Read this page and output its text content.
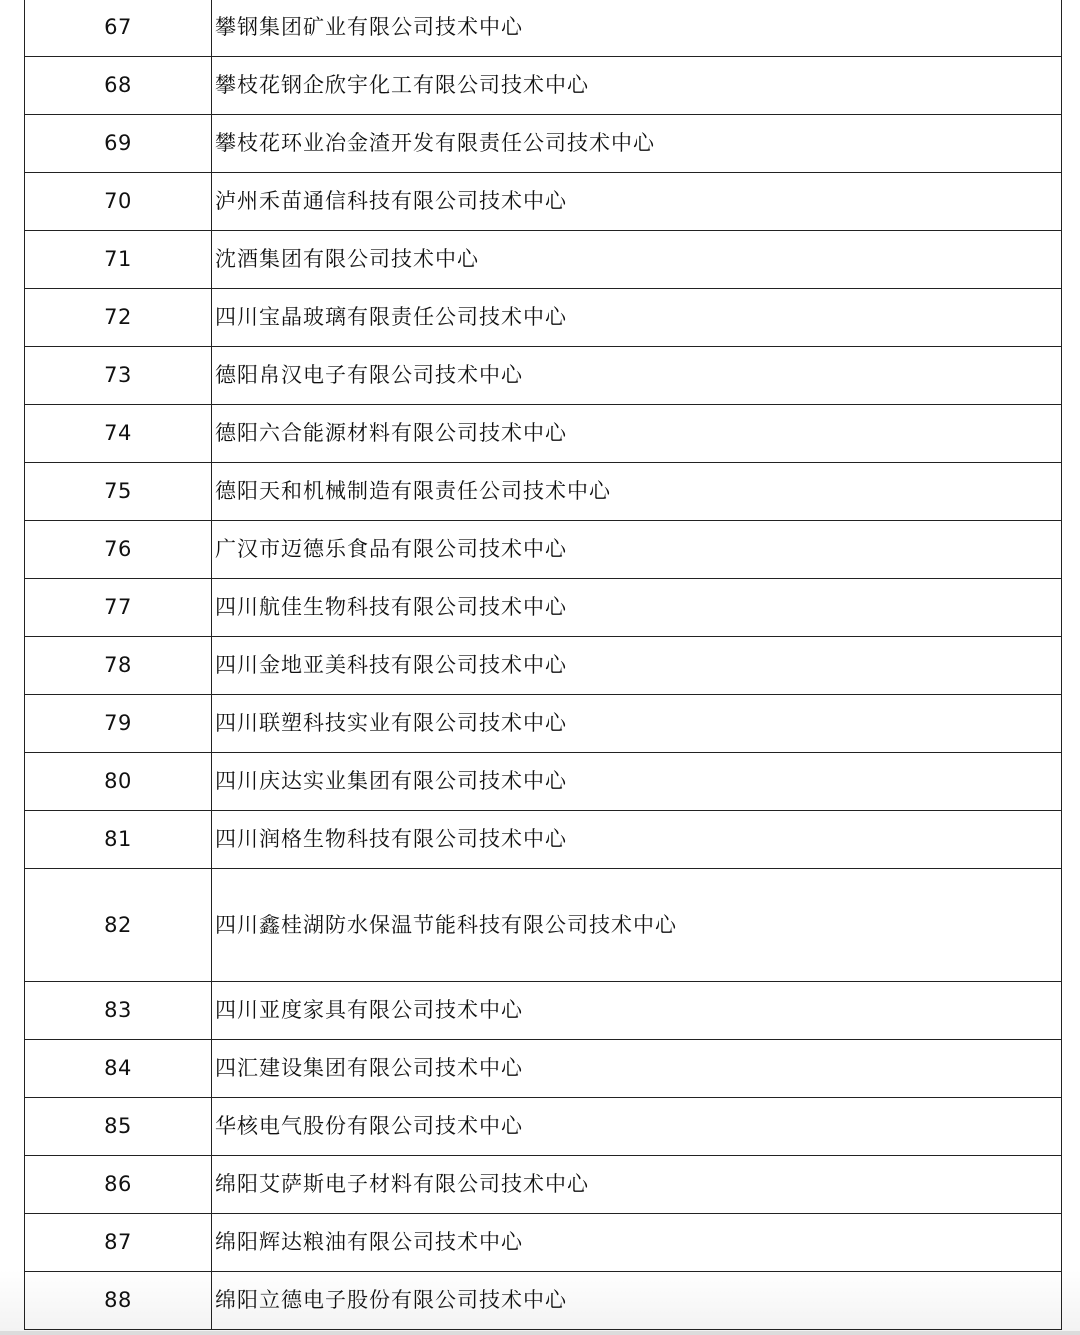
67	攀钢集团矿业有限公司技术中心
68	攀枝花钢企欣宇化工有限公司技术中心
69	攀枝花环业冶金渣开发有限责任公司技术中心
70	泸州禾苗通信科技有限公司技术中心
71	沈酒集团有限公司技术中心
72	四川宝晶玻璃有限责任公司技术中心
73	德阳帛汉电子有限公司技术中心
74	德阳六合能源材料有限公司技术中心
75	德阳天和机械制造有限责任公司技术中心
76	广汉市迈德乐食品有限公司技术中心
77	四川航佳生物科技有限公司技术中心
78	四川金地亚美科技有限公司技术中心
79	四川联塑科技实业有限公司技术中心
80	四川庆达实业集团有限公司技术中心
81	四川润格生物科技有限公司技术中心
82	四川鑫桂湖防水保温节能科技有限公司技术中心
83	四川亚度家具有限公司技术中心
84	四汇建设集团有限公司技术中心
85	华核电气股份有限公司技术中心
86	绵阳艾萨斯电子材料有限公司技术中心
87	绵阳辉达粮油有限公司技术中心
88	绵阳立德电子股份有限公司技术中心
